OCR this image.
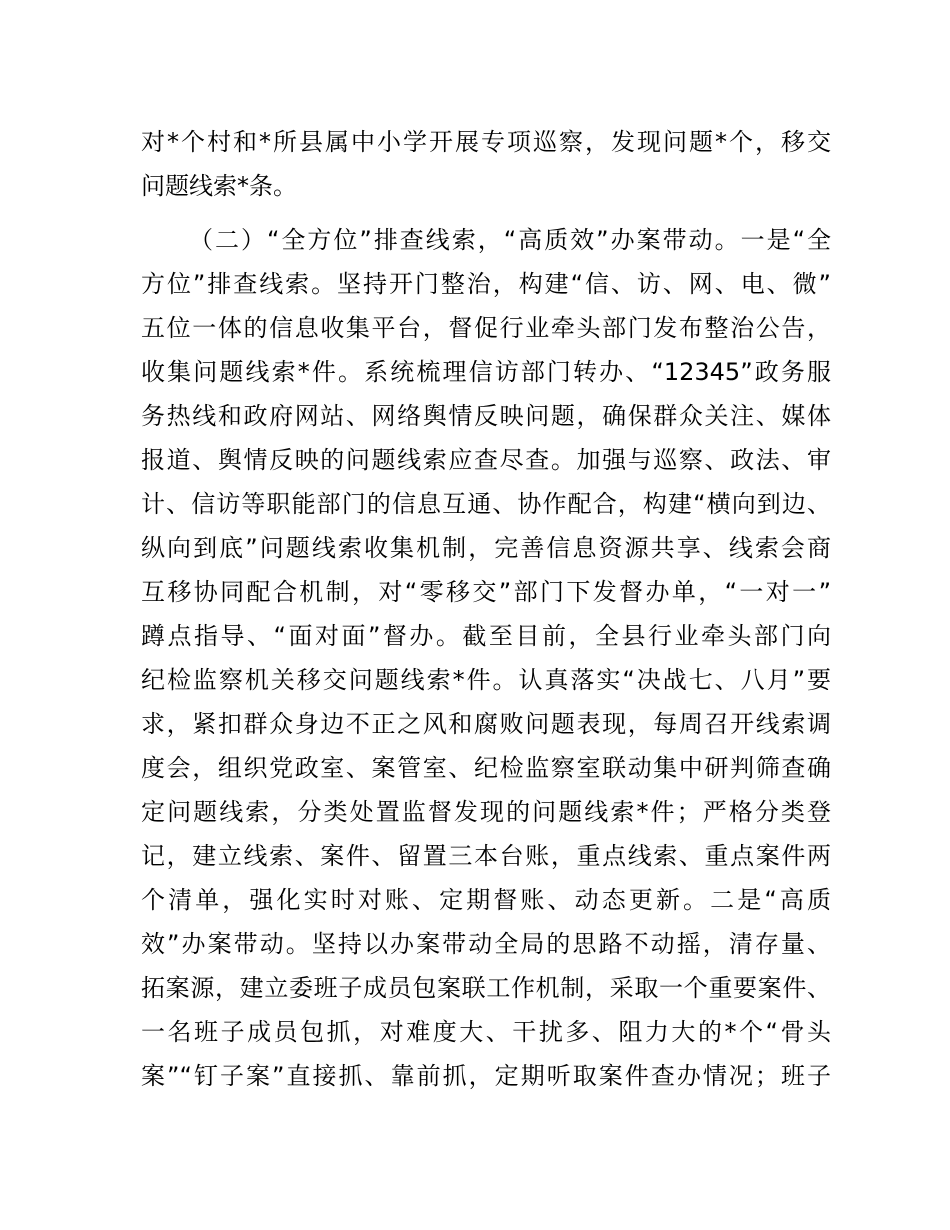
对*个村和*所县属中小学开展专项巡察，发现问题*个，移交
问题线索*条。
（二）“全方位”排查线索，“高质效”办案带动。一是“全
方位”排查线索。坚持开门整治，构建“信、访、网、电、微”
五位一体的信息收集平台，督促行业牵头部门发布整治公告，
收集问题线索*件。系统梳理信访部门转办、“12345”政务服
务热线和政府网站、网络舆情反映问题，确保群众关注、媒体
报道、舆情反映的问题线索应查尽查。加强与巡察、政法、审
计、信访等职能部门的信息互通、协作配合，构建“横向到边、
纵向到底”问题线索收集机制，完善信息资源共享、线索会商
互移协同配合机制，对“零移交”部门下发督办单，“一对一”
蹲点指导、“面对面”督办。截至目前，全县行业牵头部门向
纪检监察机关移交问题线索*件。认真落实“决战七、八月”要
求，紧扣群众身边不正之风和腐败问题表现，每周召开线索调
度会，组织党政室、案管室、纪检监察室联动集中研判筛查确
定问题线索，分类处置监督发现的问题线索*件；严格分类登
记，建立线索、案件、留置三本台账，重点线索、重点案件两
个清单，强化实时对账、定期督账、动态更新。二是“高质
效”办案带动。坚持以办案带动全局的思路不动摇，清存量、
拓案源，建立委班子成员包案联工作机制，采取一个重要案件、
一名班子成员包抓，对难度大、干扰多、阻力大的*个“骨头
案”“钉子案”直接抓、靠前抓，定期听取案件查办情况；班子
